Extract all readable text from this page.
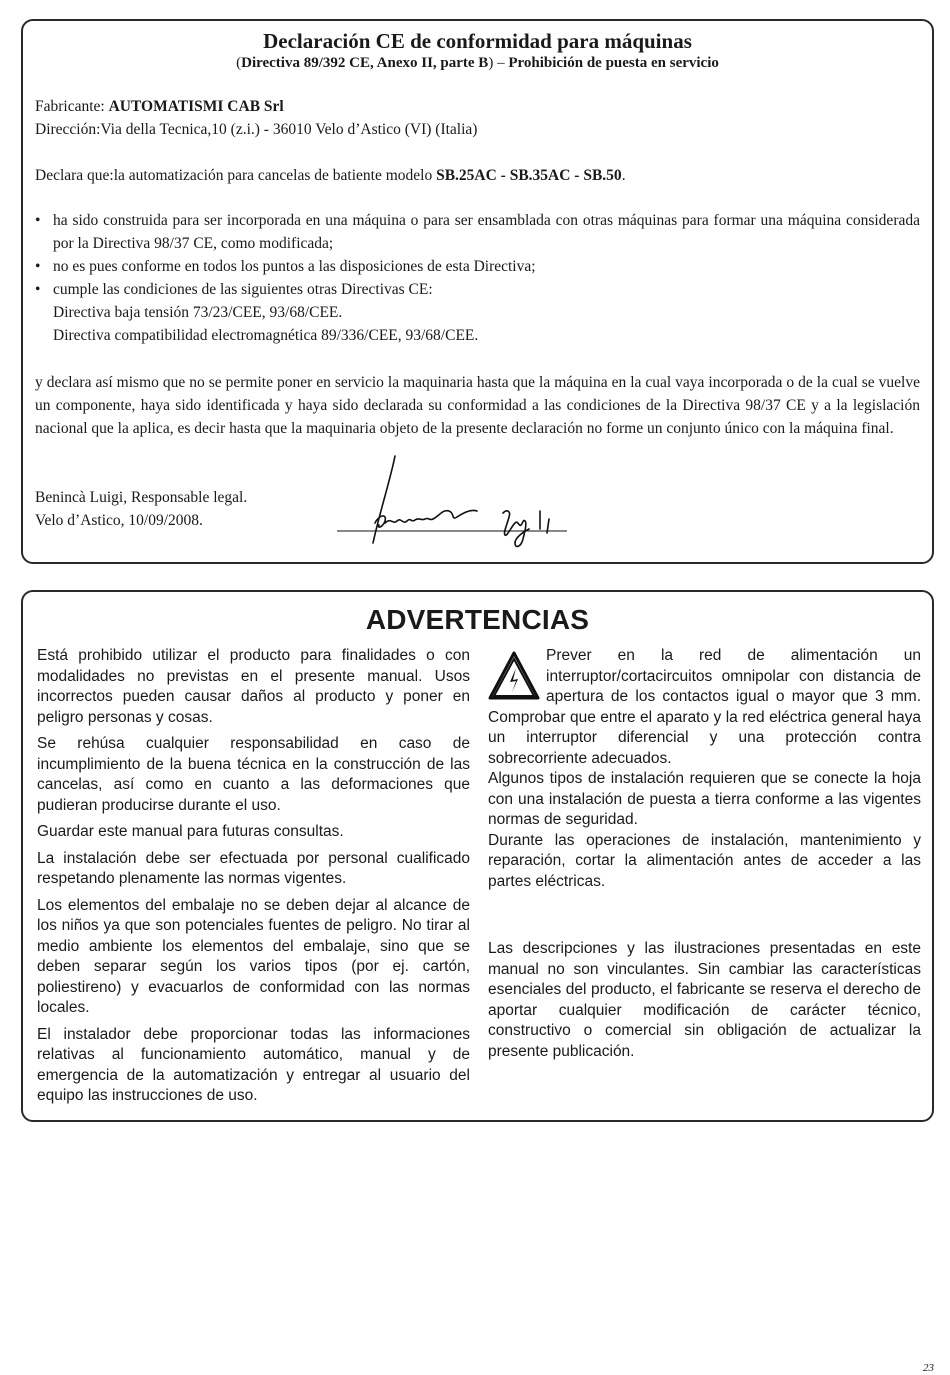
Declaración CE de conformidad para máquinas
(Directiva 89/392 CE, Anexo II, parte B) – Prohibición de puesta en servicio
Fabricante: AUTOMATISMI CAB Srl
Dirección:Via della Tecnica,10 (z.i.) - 36010 Velo d’Astico (VI) (Italia)
Declara que:la automatización para cancelas de batiente modelo SB.25AC - SB.35AC - SB.50.
• ha sido construida para ser incorporada en una máquina o para ser ensamblada con otras máquinas para formar una máquina considerada por la Directiva 98/37 CE, como modificada;
• no es pues conforme en todos los puntos a las disposiciones de esta Directiva;
• cumple las condiciones de las siguientes otras Directivas CE:
Directiva baja tensión 73/23/CEE, 93/68/CEE.
Directiva compatibilidad electromagnética 89/336/CEE, 93/68/CEE.
y declara así mismo que no se permite poner en servicio la maquinaria hasta que la máquina en la cual vaya incorporada o de la cual se vuelve un componente, haya sido identificada y haya sido declarada su conformidad a las condiciones de la Directiva 98/37 CE y a la legislación nacional que la aplica, es decir hasta que la maquinaria objeto de la presente declaración no forme un conjunto único con la máquina final.
Benincà Luigi, Responsable legal.
Velo d’Astico, 10/09/2008.
ADVERTENCIAS

Está prohibido utilizar el producto para finalidades o con modalidades no previstas en el presente manual. Usos incorrectos pueden causar daños al producto y poner en peligro personas y cosas.

Se rehúsa cualquier responsabilidad en caso de incumplimiento de la buena técnica en la construcción de las cancelas, así como en cuanto a las deformaciones que pudieran producirse durante el uso.

Guardar este manual para futuras consultas.

La instalación debe ser efectuada por personal cualificado respetando plenamente las normas vigentes.

Los elementos del embalaje no se deben dejar al alcance de los niños ya que son potenciales fuentes de peligro. No tirar al medio ambiente los elementos del embalaje, sino que se deben separar según los varios tipos (por ej. cartón, poliestireno) y evacuarlos de conformidad con las normas locales.

El instalador debe proporcionar todas las informaciones relativas al funcionamiento automático, manual y de emergencia de la automatización y entregar al usuario del equipo las instrucciones de uso.

Prever en la red de alimentación un interruptor/cortacircuitos omnipolar con distancia de apertura de los contactos igual o mayor que 3 mm. Comprobar que entre el aparato y la red eléctrica general haya un interruptor diferencial y una protección contra sobrecorriente adecuados.

Algunos tipos de instalación requieren que se conecte la hoja con una instalación de puesta a tierra conforme a las vigentes normas de seguridad.

Durante las operaciones de instalación, mantenimiento y reparación, cortar la alimentación antes de acceder a las partes eléctricas.

Las descripciones y las ilustraciones presentadas en este manual no son vinculantes. Sin cambiar las características esenciales del producto, el fabricante se reserva el derecho de aportar cualquier modificación de carácter técnico, constructivo o comercial sin obligación de actualizar la presente publicación.

23
